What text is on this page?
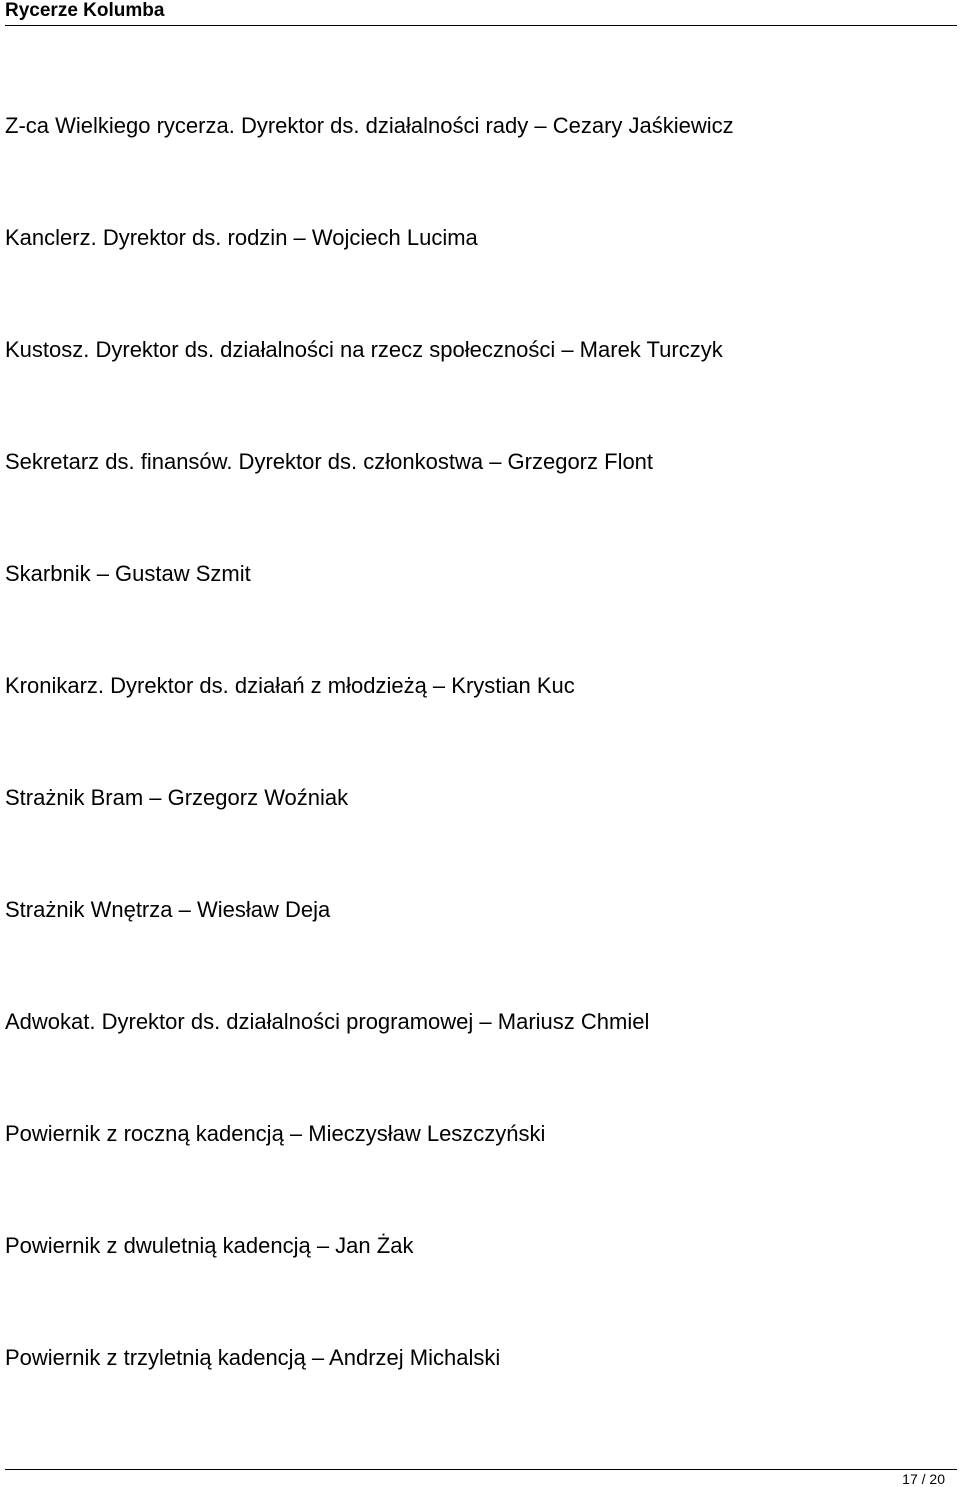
Rycerze Kolumba
Z-ca Wielkiego rycerza. Dyrektor ds. działalności rady – Cezary Jaśkiewicz
Kanclerz. Dyrektor ds. rodzin – Wojciech Lucima
Kustosz. Dyrektor ds. działalności na rzecz społeczności – Marek Turczyk
Sekretarz ds. finansów. Dyrektor ds. członkostwa – Grzegorz Flont
Skarbnik – Gustaw Szmit
Kronikarz. Dyrektor ds. działań z młodzieżą – Krystian Kuc
Strażnik Bram – Grzegorz Woźniak
Strażnik Wnętrza – Wiesław Deja
Adwokat. Dyrektor ds. działalności programowej – Mariusz Chmiel
Powiernik z roczną kadencją – Mieczysław Leszczyński
Powiernik z dwuletnią kadencją – Jan Żak
Powiernik z trzyletnią kadencją – Andrzej Michalski
17 / 20
